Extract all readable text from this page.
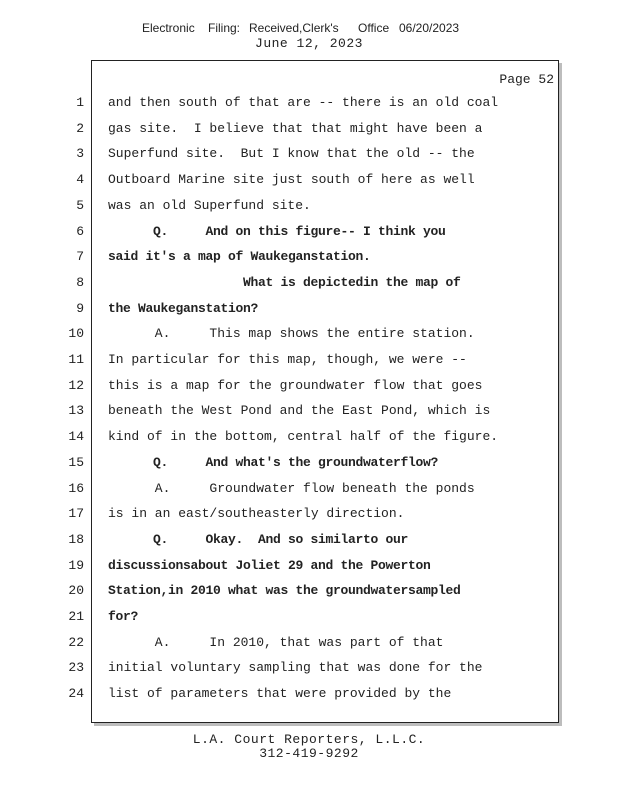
Electronic Filing: Received,Clerk's Office 06/20/2023
June 12, 2023
Page 52
1 and then south of that are -- there is an old coal
2 gas site.  I believe that that might have been a
3 Superfund site.  But I know that the old -- the
4 Outboard Marine site just south of here as well
5 was an old Superfund site.
6 Q.     And on this figure-- I think you
7 said it's a map of Waukeganstation.
8 What is depictedin the map of
9 the Waukeganstation?
10 A.     This map shows the entire station.
11 In particular for this map, though, we were --
12 this is a map for the groundwater flow that goes
13 beneath the West Pond and the East Pond, which is
14 kind of in the bottom, central half of the figure.
15 Q.     And what's the groundwaterflow?
16 A.     Groundwater flow beneath the ponds
17 is in an east/southeasterly direction.
18 Q.     Okay.  And so similarto our
19 discussionsabout Joliet 29 and the Powerton
20 Station,in 2010 what was the groundwatersampled
21 for?
22 A.     In 2010, that was part of that
23 initial voluntary sampling that was done for the
24 list of parameters that were provided by the
L.A. Court Reporters, L.L.C.
312-419-9292
